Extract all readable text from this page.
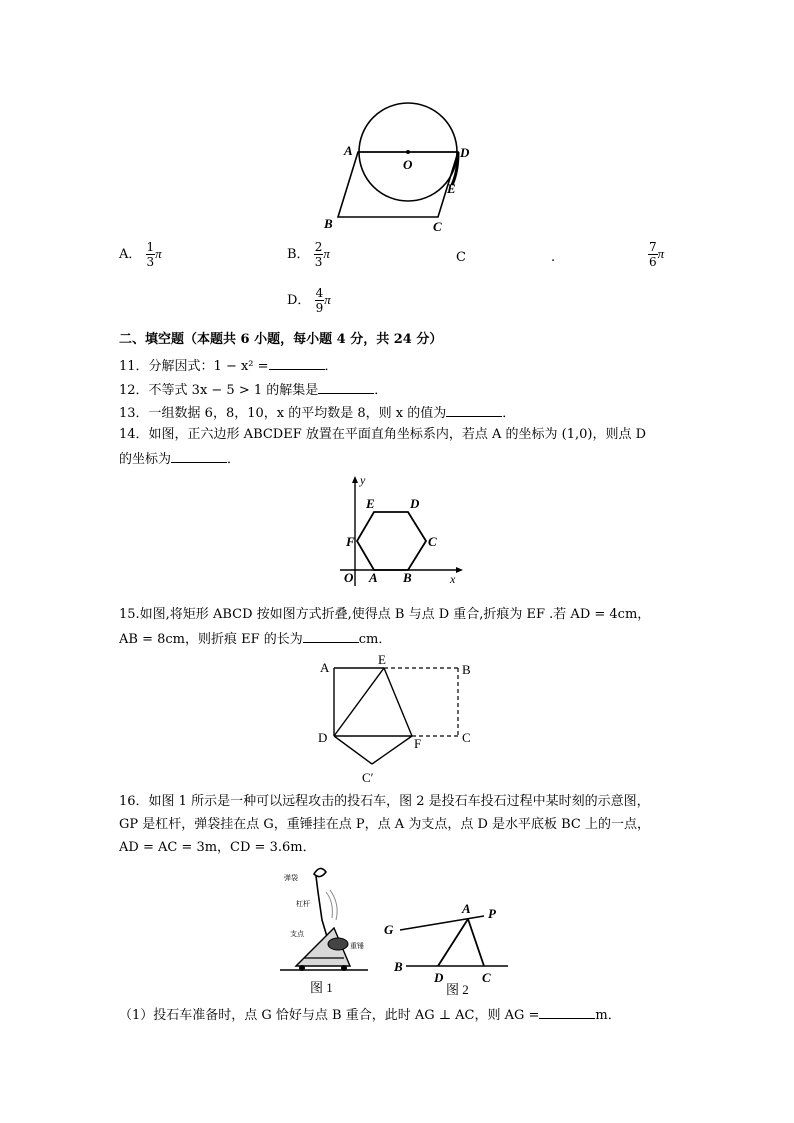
A
O
D
E
B	C
A． $\frac{1}{3}$ π	B． $\frac{2}{3}$ π	C	.	$\frac{7}{6}$ π
D． $\frac{4}{9}$ π
二、填空题（本题共 6 小题，每小题 4 分，共 24 分）
11．分解因式：1 − x² =	．
12．不等式 3x − 5 > 1 的解集是	．
13．一组数据 6，8，10，x 的平均数是 8，则 x 的值为	．
14．如图，正六边形 ABCDEF 放置在平面直角坐标系内，若点 A 的坐标为 (1,0)，则点 D
的坐标为	．
y
E	D
F	C
O A B	x
15.如图,将矩形 ABCD 按如图方式折叠,使得点 B 与点 D 重合,折痕为 EF .若 AD = 4cm，
AB = 8cm，则折痕 EF 的长为	cm．
A
E
B
D	F	C
C′
16．如图 1 所示是一种可以远程攻击的投石车，图 2 是投石车投石过程中某时刻的示意图，
GP 是杠杆，弹袋挂在点 G，重锤挂在点 P，点 A 为支点，点 D 是水平底板 BC 上的一点，
AD = AC = 3m，CD = 3.6m．
弹袋
杠杆
支点
重锤
图 1
G
A P
B
D	C
图 2
（1）投石车准备时，点 G 恰好与点 B 重合，此时 AG ⊥ AC，则 AG =	m．
